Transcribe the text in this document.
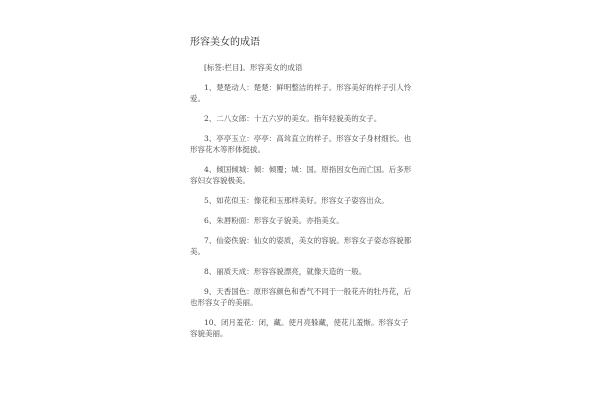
形容美女的成语
[标签:栏目]。形容美女的成语
1、楚楚动人：楚楚：鲜明整洁的样子。形容美好的样子引人怜爱。
2、二八女郎：十五六岁的美女。指年轻貌美的女子。
3、亭亭玉立：亭亭：高耸直立的样子。形容女子身材细长。也形容花木等形体挺拔。
4、倾国倾城：倾：倾覆；城：国。原指因女色而亡国。后多形容妇女容貌极美。
5、如花似玉：像花和玉那样美好。形容女子姿容出众。
6、朱唇粉面：形容女子貌美。亦指美女。
7、仙姿佚貌：仙女的姿质，美女的容貌。形容女子姿态容貌都美。
8、丽质天成：形容容貌漂亮，就像天造的一般。
9、天香国色：原形容颜色和香气不同于一般花卉的牡丹花，后也形容女子的美丽。
10、闭月羞花：闭，藏。使月亮躲藏，使花儿羞惭。形容女子容貌美丽。
